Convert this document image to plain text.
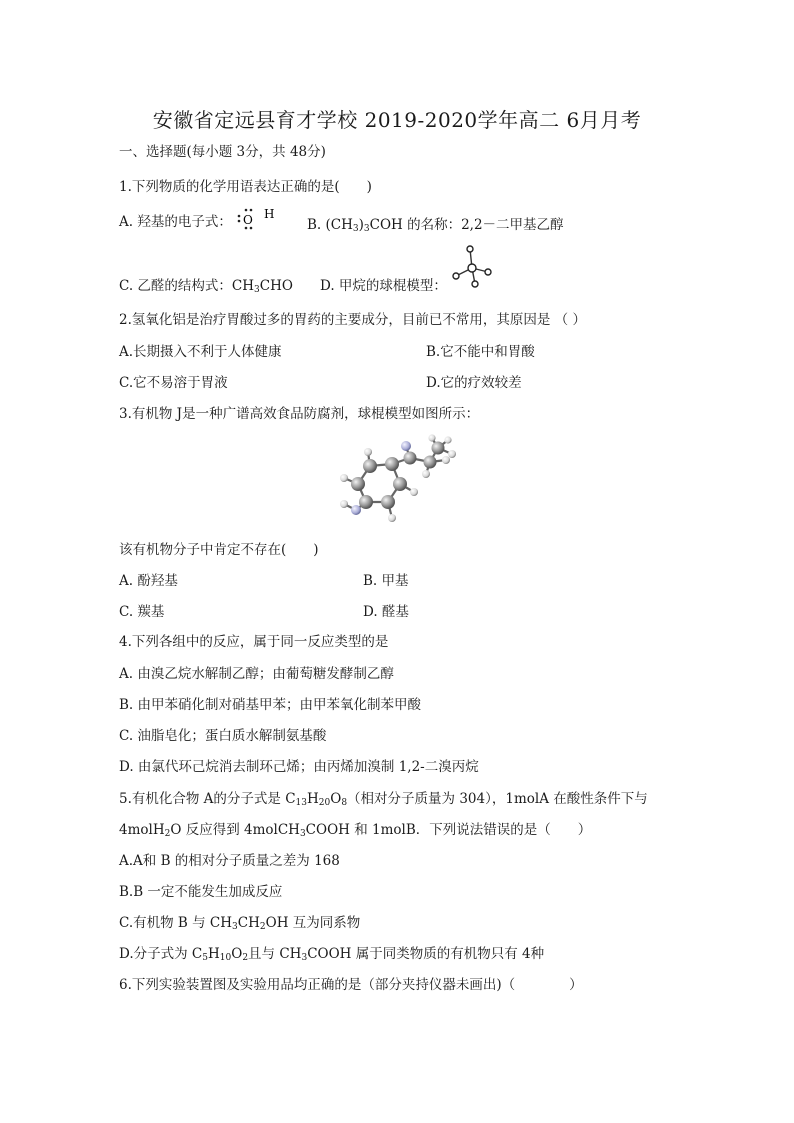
安徽省定远县育才学校 2019-2020学年高二 6月月考
一、选择题(每小题 3分，共 48分)
1.下列物质的化学用语表达正确的是(　　)
A. 羟基的电子式： O H
B. $(CH_3)_3COH$ 的名称：2,2－二甲基乙醇
C. 乙醛的结构式：$CH_3CHO$ D. 甲烷的球棍模型：
2.氢氧化铝是治疗胃酸过多的胃药的主要成分，目前已不常用，其原因是 （ ）
A.长期摄入不利于人体健康	B.它不能中和胃酸
C.它不易溶于胃液	D.它的疗效较差
3.有机物 J是一种广谱高效食品防腐剂，球棍模型如图所示：
该有机物分子中肯定不存在(　　)
A. 酚羟基	B. 甲基
C. 羰基	D. 醛基
4.下列各组中的反应，属于同一反应类型的是
A. 由溴乙烷水解制乙醇；由葡萄糖发酵制乙醇
B. 由甲苯硝化制对硝基甲苯；由甲苯氧化制苯甲酸
C. 油脂皂化；蛋白质水解制氨基酸
D. 由氯代环己烷消去制环己烯；由丙烯加溴制 1,2-二溴丙烷
5.有机化合物 A的分子式是 $C_{13}H_{20}O_8$（相对分子质量为 304），1molA 在酸性条件下与
4molH$_2$O 反应得到 4molCH$_3$COOH 和 1molB．下列说法错误的是（　　）
A.A和 B 的相对分子质量之差为 168
B.B 一定不能发生加成反应
C.有机物 B 与 $CH_3CH_2OH$ 互为同系物
D.分子式为 $C_5H_{10}O_2$且与 $CH_3COOH$ 属于同类物质的有机物只有 4种
6.下列实验装置图及实验用品均正确的是（部分夹持仪器未画出)（　　　　）
